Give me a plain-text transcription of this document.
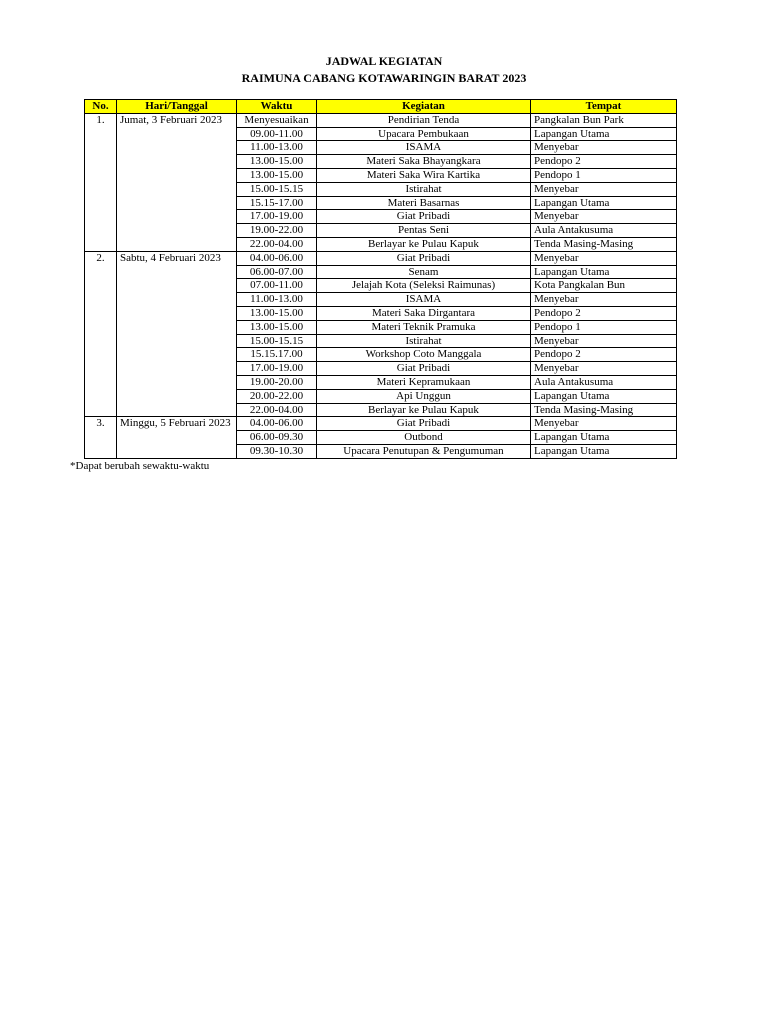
JADWAL KEGIATAN
RAIMUNA CABANG KOTAWARINGIN BARAT 2023
No.	Hari/Tanggal	Waktu	Kegiatan	Tempat
1.	Jumat, 3 Februari 2023	Menyesuaikan	Pendirian Tenda	Pangkalan Bun Park
		09.00-11.00	Upacara Pembukaan	Lapangan Utama
		11.00-13.00	ISAMA	Menyebar
		13.00-15.00	Materi Saka Bhayangkara	Pendopo 2
		13.00-15.00	Materi Saka Wira Kartika	Pendopo 1
		15.00-15.15	Istirahat	Menyebar
		15.15-17.00	Materi Basarnas	Lapangan Utama
		17.00-19.00	Giat Pribadi	Menyebar
		19.00-22.00	Pentas Seni	Aula Antakusuma
		22.00-04.00	Berlayar ke Pulau Kapuk	Tenda Masing-Masing
2.	Sabtu, 4 Februari 2023	04.00-06.00	Giat Pribadi	Menyebar
		06.00-07.00	Senam	Lapangan Utama
		07.00-11.00	Jelajah Kota (Seleksi Raimunas)	Kota Pangkalan Bun
		11.00-13.00	ISAMA	Menyebar
		13.00-15.00	Materi Saka Dirgantara	Pendopo 2
		13.00-15.00	Materi Teknik Pramuka	Pendopo 1
		15.00-15.15	Istirahat	Menyebar
		15.15.17.00	Workshop Coto Manggala	Pendopo 2
		17.00-19.00	Giat Pribadi	Menyebar
		19.00-20.00	Materi Kepramukaan	Aula Antakusuma
		20.00-22.00	Api Unggun	Lapangan Utama
		22.00-04.00	Berlayar ke Pulau Kapuk	Tenda Masing-Masing
3.	Minggu, 5 Februari 2023	04.00-06.00	Giat Pribadi	Menyebar
		06.00-09.30	Outbond	Lapangan Utama
		09.30-10.30	Upacara Penutupan & Pengumuman	Lapangan Utama
*Dapat berubah sewaktu-waktu
